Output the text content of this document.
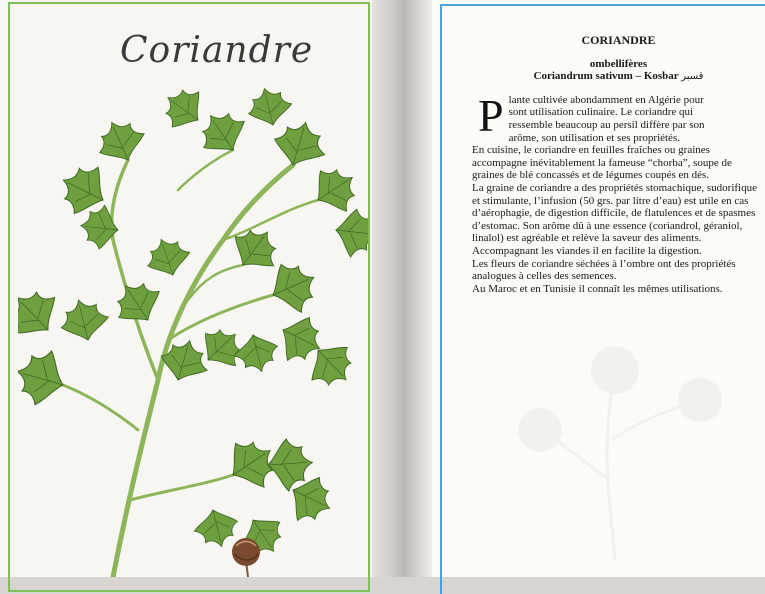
Coriandre	CORIANDRE

ombellifères

Coriandrum sativum – Kosbar قسبر

P lante cultivée abondamment en Algérie pour

sont utilisation culinaire. Le coriandre qui

ressemble beaucoup au persil diffère par son

arôme, son utilisation et ses propriétés.

En cuisine, le coriandre en feuilles fraîches ou graines accompagne inévitablement la fameuse “chorba”, soupe de graines de blé concassés et de légumes coupés en dés.

La graine de coriandre a des propriétés stomachique, sudorifique et stimulante, l’infusion (50 grs. par litre d’eau) est utile en cas d’aérophagie, de digestion difficile, de flatulences et de spasmes d’estomac. Son arôme dû à une essence (coriandrol, géraniol, linalol) est agréable et relève la saveur des aliments. Accompagnant les viandes il en facilite la digestion.

Les fleurs de coriandre séchées à l’ombre ont des propriétés analogues à celles des semences.

Au Maroc et en Tunisie il connaît les mêmes utilisations.
